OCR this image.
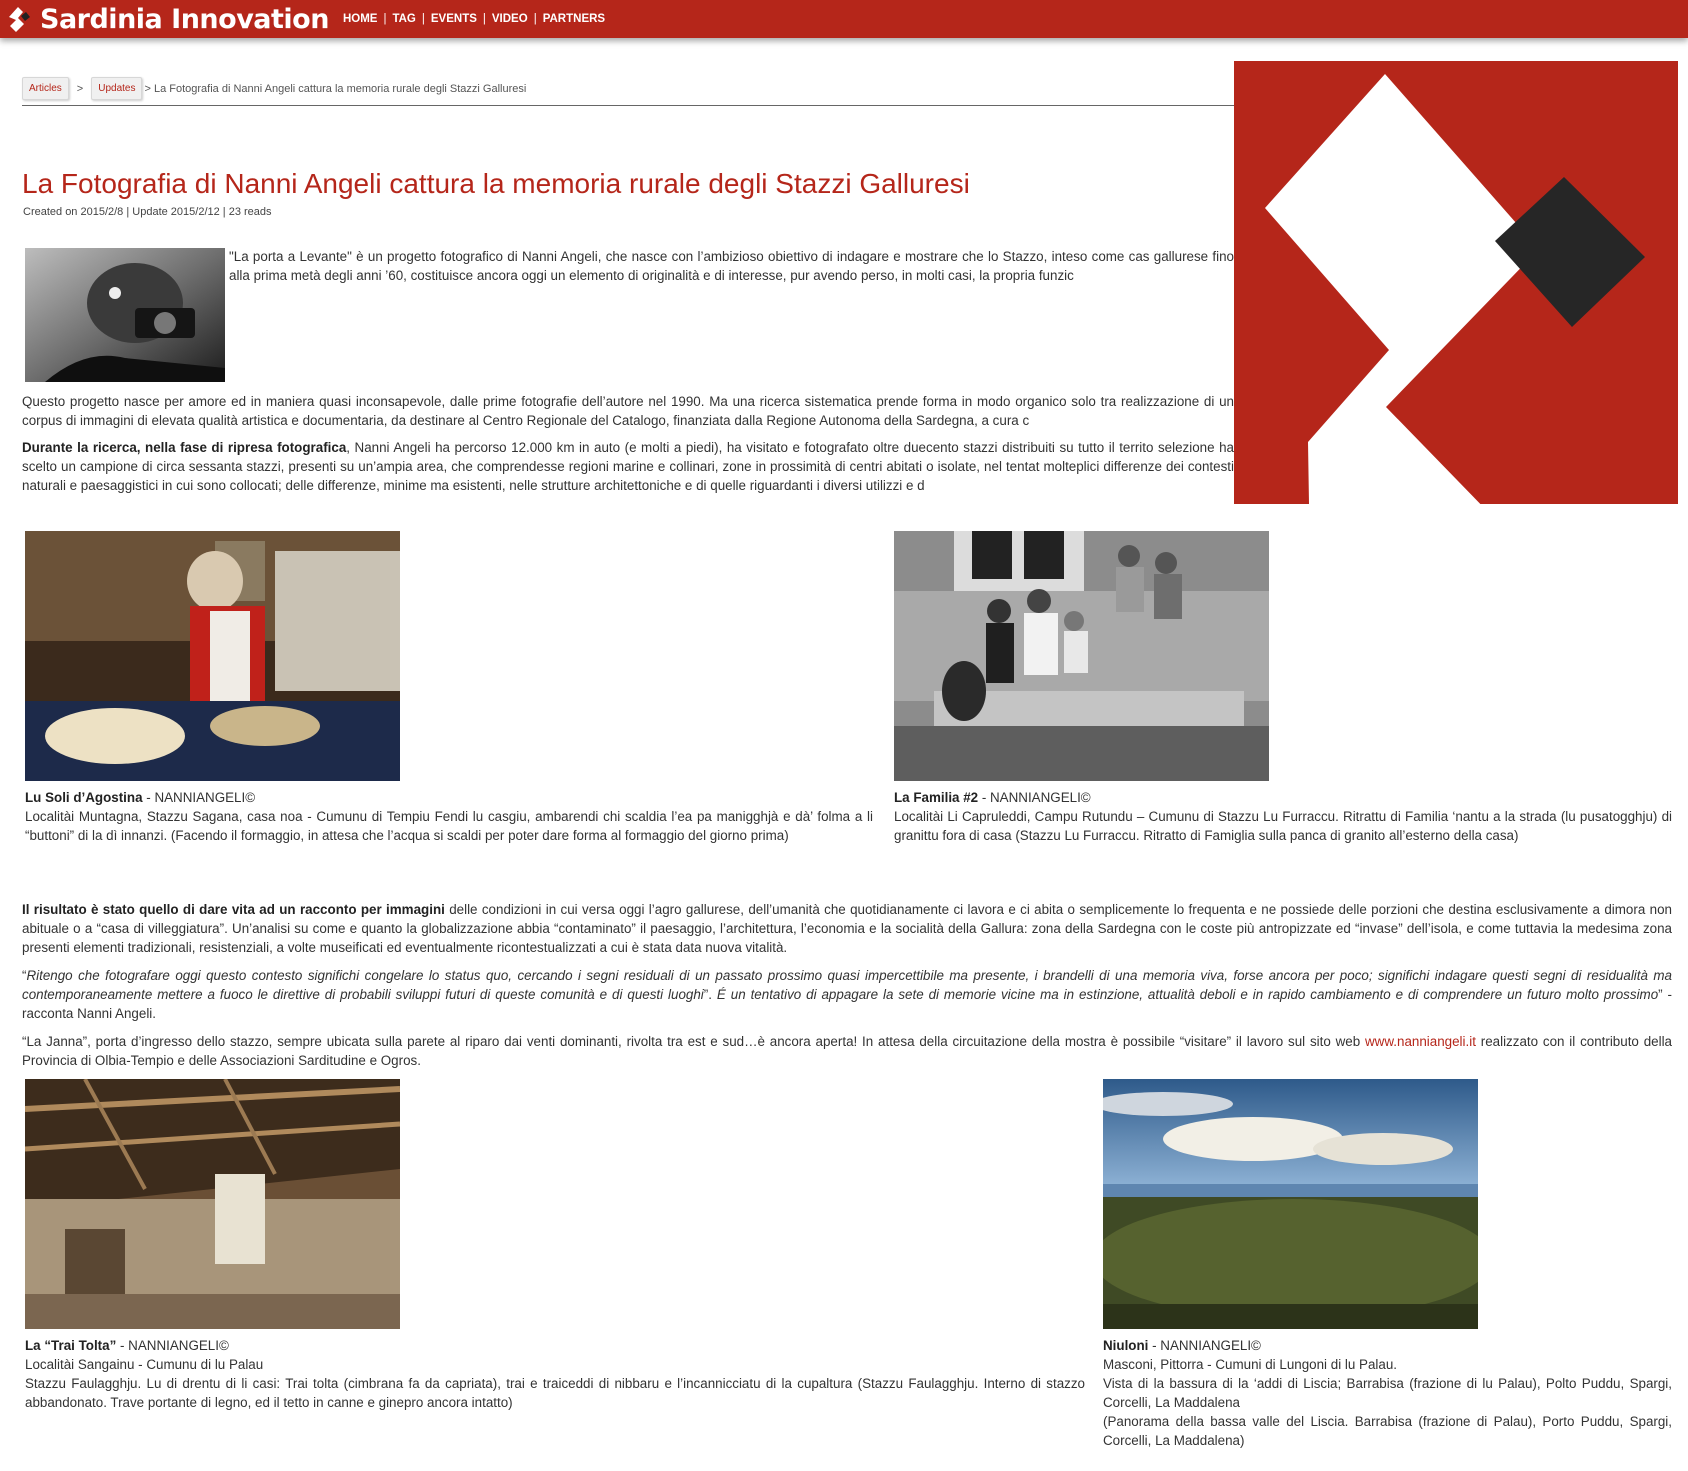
Sardinia Innovation HOME | TAG | EVENTS | VIDEO | PARTNERS
Articles	>	Updates > La Fotografia di Nanni Angeli cattura la memoria rurale degli Stazzi Galluresi
La Fotografia di Nanni Angeli cattura la memoria rurale degli Stazzi Galluresi
Created on 2015/2/8 | Update 2015/2/12 | 23 reads
"La porta a Levante" è un progetto fotografico di Nanni Angeli, che nasce con l’ambizioso obiettivo di indagare e mostrare che lo Stazzo, inteso come cas gallurese fino alla prima metà degli anni ’60, costituisce ancora oggi un elemento di originalità e di interesse, pur avendo perso, in molti casi, la propria funzic
Questo progetto nasce per amore ed in maniera quasi inconsapevole, dalle prime fotografie dell’autore nel 1990. Ma una ricerca sistematica prende forma in modo organico solo tra realizzazione di un corpus di immagini di elevata qualità artistica e documentaria, da destinare al Centro Regionale del Catalogo, finanziata dalla Regione Autonoma della Sardegna, a cura c
Durante la ricerca, nella fase di ripresa fotografica, Nanni Angeli ha percorso 12.000 km in auto (e molti a piedi), ha visitato e fotografato oltre duecento stazzi distribuiti su tutto il territo selezione ha scelto un campione di circa sessanta stazzi, presenti su un’ampia area, che comprendesse regioni marine e collinari, zone in prossimità di centri abitati o isolate, nel tentat molteplici differenze dei contesti naturali e paesaggistici in cui sono collocati; delle differenze, minime ma esistenti, nelle strutture architettoniche e di quelle riguardanti i diversi utilizzi e d
Lu Soli d’Agostina - NANNIANGELI©
Localitài Muntagna, Stazzu Sagana, casa noa - Cumunu di Tempiu Fendi lu casgiu, ambarendi chi scaldia l’ea pa manigghjà e dà’ folma a li “buttoni” di la dì innanzi. (Facendo il formaggio, in attesa che l’acqua si scaldi per poter dare forma al formaggio del giorno prima)
La Familia #2 - NANNIANGELI©
Localitài Li Capruleddi, Campu Rutundu – Cumunu di Stazzu Lu Furraccu. Ritrattu di Familia ‘nantu a la strada (lu pusatogghju) di granittu fora di casa (Stazzu Lu Furraccu. Ritratto di Famiglia sulla panca di granito all’esterno della casa)
Il risultato è stato quello di dare vita ad un racconto per immagini delle condizioni in cui versa oggi l’agro gallurese, dell’umanità che quotidianamente ci lavora e ci abita o semplicemente lo frequenta e ne possiede delle porzioni che destina esclusivamente a dimora non abituale o a “casa di villeggiatura”. Un’analisi su come e quanto la globalizzazione abbia “contaminato” il paesaggio, l’architettura, l’economia e la socialità della Gallura: zona della Sardegna con le coste più antropizzate ed “invase” dell’isola, e come tuttavia la medesima zona presenti elementi tradizionali, resistenziali, a volte museificati ed eventualmente ricontestualizzati a cui è stata data nuova vitalità.
“Ritengo che fotografare oggi questo contesto significhi congelare lo status quo, cercando i segni residuali di un passato prossimo quasi impercettibile ma presente, i brandelli di una memoria viva, forse ancora per poco; significhi indagare questi segni di residualità ma contemporaneamente mettere a fuoco le direttive di probabili sviluppi futuri di queste comunità e di questi luoghi”. É un tentativo di appagare la sete di memorie vicine ma in estinzione, attualità deboli e in rapido cambiamento e di comprendere un futuro molto prossimo” - racconta Nanni Angeli.
“La Janna”, porta d’ingresso dello stazzo, sempre ubicata sulla parete al riparo dai venti dominanti, rivolta tra est e sud…è ancora aperta! In attesa della circuitazione della mostra è possibile “visitare” il lavoro sul sito web www.nanniangeli.it realizzato con il contributo della Provincia di Olbia-Tempio e delle Associazioni Sarditudine e Ogros.
La “Trai Tolta” - NANNIANGELI©
Localitài Sangainu - Cumunu di lu Palau
Stazzu Faulagghju. Lu di drentu di li casi: Trai tolta (cimbrana fa da capriata), trai e traiceddi di nibbaru e l’incannicciatu di la cupaltura (Stazzu Faulagghju. Interno di stazzo abbandonato. Trave portante di legno, ed il tetto in canne e ginepro ancora intatto)
Niuloni - NANNIANGELI©
Masconi, Pittorra - Cumuni di Lungoni di lu Palau.
Vista di la bassura di la ‘addi di Liscia; Barrabisa (frazione di lu Palau), Polto Puddu, Spargi, Corcelli, La Maddalena
(Panorama della bassa valle del Liscia. Barrabisa (frazione di Palau), Porto Puddu, Spargi, Corcelli, La Maddalena)
